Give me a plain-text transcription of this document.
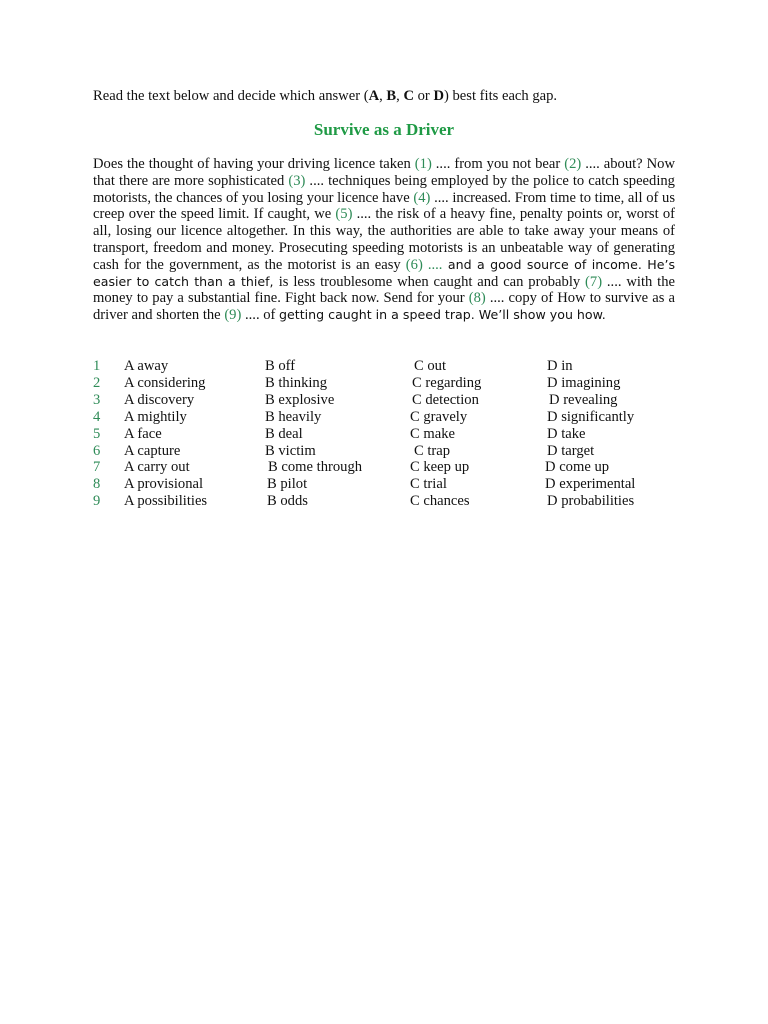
Read the text below and decide which answer (A, B, C or D) best fits each gap.
Survive as a Driver
Does the thought of having your driving licence taken (1) .... from you not bear (2) .... about? Now that there are more sophisticated (3) .... techniques being employed by the police to catch speeding motorists, the chances of you losing your licence have (4) .... increased. From time to time, all of us creep over the speed limit. If caught, we (5) .... the risk of a heavy fine, penalty points or, worst of all, losing our licence altogether. In this way, the authorities are able to take away your means of transport, freedom and money. Prosecuting speeding motorists is an unbeatable way of generating cash for the government, as the motorist is an easy (6) .... and a good source of income. He’s easier to catch than a thief, is less troublesome when caught and can probably (7) .... with the money to pay a substantial fine. Fight back now. Send for your (8) .... copy of How to survive as a driver and shorten the (9) .... of getting caught in a speed trap. We’ll show you how.
1 A away	B off	C out	D in
2 A considering	B thinking	C regarding	D imagining
3 A discovery	B explosive	C detection	D revealing
4 A mightily	B heavily	C gravely	D significantly
5 A face	B deal	C make	D take
6 A capture	B victim	C trap	D target
7 A carry out	B come through	C keep up	D come up
8 A provisional	B pilot	C trial	D experimental
9 A possibilities	B odds	C chances	D probabilities
